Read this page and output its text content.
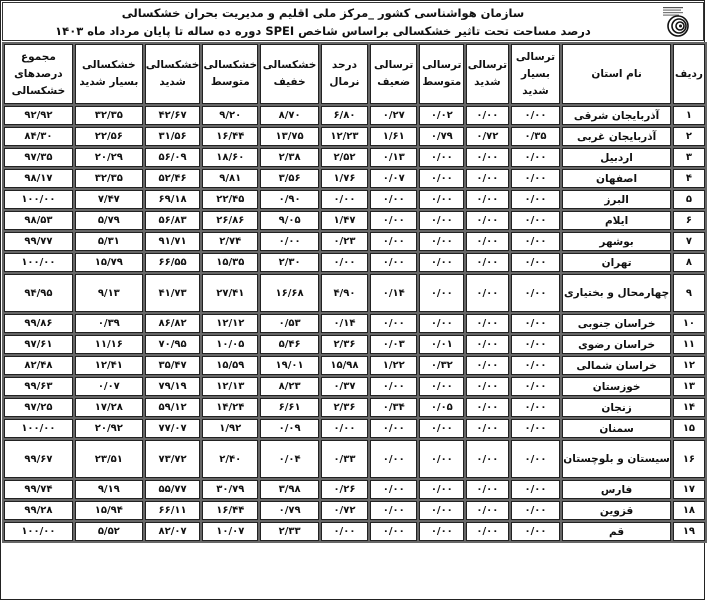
سازمان هواشناسی کشور _مرکز ملی اقلیم و مدیریت بحران خشکسالی
درصد مساحت تحت تاثیر خشکسالی براساس شاخص SPEI دوره ده ساله تا پایان مرداد ماه ۱۴۰۳
ردیف	نام استان	ترسالی بسیار شدید	ترسالی شدید	ترسالی متوسط	ترسالی ضعیف	درحد نرمال	خشکسالی خفیف	خشکسالی متوسط	خشکسالی شدید	خشکسالی بسیار شدید	مجموع درصدهای خشکسالی
۱	آذربایجان شرقی	۰/۰۰	۰/۰۰	۰/۰۲	۰/۲۷	۶/۸۰	۸/۷۰	۹/۲۰	۴۲/۶۷	۳۲/۳۵	۹۲/۹۲
۲	آذربایجان غربی	۰/۳۵	۰/۷۲	۰/۷۹	۱/۶۱	۱۲/۲۳	۱۳/۷۵	۱۶/۴۴	۳۱/۵۶	۲۲/۵۶	۸۴/۳۰
۳	اردبیل	۰/۰۰	۰/۰۰	۰/۰۰	۰/۱۳	۲/۵۲	۲/۳۸	۱۸/۶۰	۵۶/۰۹	۲۰/۲۹	۹۷/۳۵
۴	اصفهان	۰/۰۰	۰/۰۰	۰/۰۰	۰/۰۷	۱/۷۶	۳/۵۶	۹/۸۱	۵۲/۴۶	۳۲/۳۵	۹۸/۱۷
۵	البرز	۰/۰۰	۰/۰۰	۰/۰۰	۰/۰۰	۰/۰۰	۰/۹۰	۲۲/۴۵	۶۹/۱۸	۷/۴۷	۱۰۰/۰۰
۶	ایلام	۰/۰۰	۰/۰۰	۰/۰۰	۰/۰۰	۱/۴۷	۹/۰۵	۲۶/۸۶	۵۶/۸۳	۵/۷۹	۹۸/۵۳
۷	بوشهر	۰/۰۰	۰/۰۰	۰/۰۰	۰/۰۰	۰/۲۳	۰/۰۰	۲/۷۴	۹۱/۷۱	۵/۳۱	۹۹/۷۷
۸	تهران	۰/۰۰	۰/۰۰	۰/۰۰	۰/۰۰	۰/۰۰	۲/۳۰	۱۵/۳۵	۶۶/۵۵	۱۵/۷۹	۱۰۰/۰۰
۹	چهارمحال و بختیاری	۰/۰۰	۰/۰۰	۰/۰۰	۰/۱۴	۴/۹۰	۱۶/۶۸	۲۷/۴۱	۴۱/۷۳	۹/۱۳	۹۴/۹۵
۱۰	خراسان جنوبی	۰/۰۰	۰/۰۰	۰/۰۰	۰/۰۰	۰/۱۴	۰/۵۳	۱۲/۱۲	۸۶/۸۲	۰/۳۹	۹۹/۸۶
۱۱	خراسان رضوی	۰/۰۰	۰/۰۰	۰/۰۱	۰/۰۳	۲/۳۶	۵/۴۶	۱۰/۰۵	۷۰/۹۵	۱۱/۱۶	۹۷/۶۱
۱۲	خراسان شمالی	۰/۰۰	۰/۰۰	۰/۳۲	۱/۲۲	۱۵/۹۸	۱۹/۰۱	۱۵/۵۹	۳۵/۴۷	۱۲/۴۱	۸۲/۴۸
۱۳	خوزستان	۰/۰۰	۰/۰۰	۰/۰۰	۰/۰۰	۰/۳۷	۸/۲۳	۱۲/۱۳	۷۹/۱۹	۰/۰۷	۹۹/۶۳
۱۴	زنجان	۰/۰۰	۰/۰۰	۰/۰۵	۰/۳۴	۲/۳۶	۶/۶۱	۱۴/۲۴	۵۹/۱۲	۱۷/۲۸	۹۷/۲۵
۱۵	سمنان	۰/۰۰	۰/۰۰	۰/۰۰	۰/۰۰	۰/۰۰	۰/۰۹	۱/۹۲	۷۷/۰۷	۲۰/۹۲	۱۰۰/۰۰
۱۶	سیستان و بلوچستان	۰/۰۰	۰/۰۰	۰/۰۰	۰/۰۰	۰/۳۳	۰/۰۴	۲/۴۰	۷۳/۷۲	۲۳/۵۱	۹۹/۶۷
۱۷	فارس	۰/۰۰	۰/۰۰	۰/۰۰	۰/۰۰	۰/۲۶	۳/۹۸	۳۰/۷۹	۵۵/۷۷	۹/۱۹	۹۹/۷۴
۱۸	قزوین	۰/۰۰	۰/۰۰	۰/۰۰	۰/۰۰	۰/۷۲	۰/۷۹	۱۶/۴۴	۶۶/۱۱	۱۵/۹۴	۹۹/۲۸
۱۹	قم	۰/۰۰	۰/۰۰	۰/۰۰	۰/۰۰	۰/۰۰	۲/۳۳	۱۰/۰۷	۸۲/۰۷	۵/۵۲	۱۰۰/۰۰
